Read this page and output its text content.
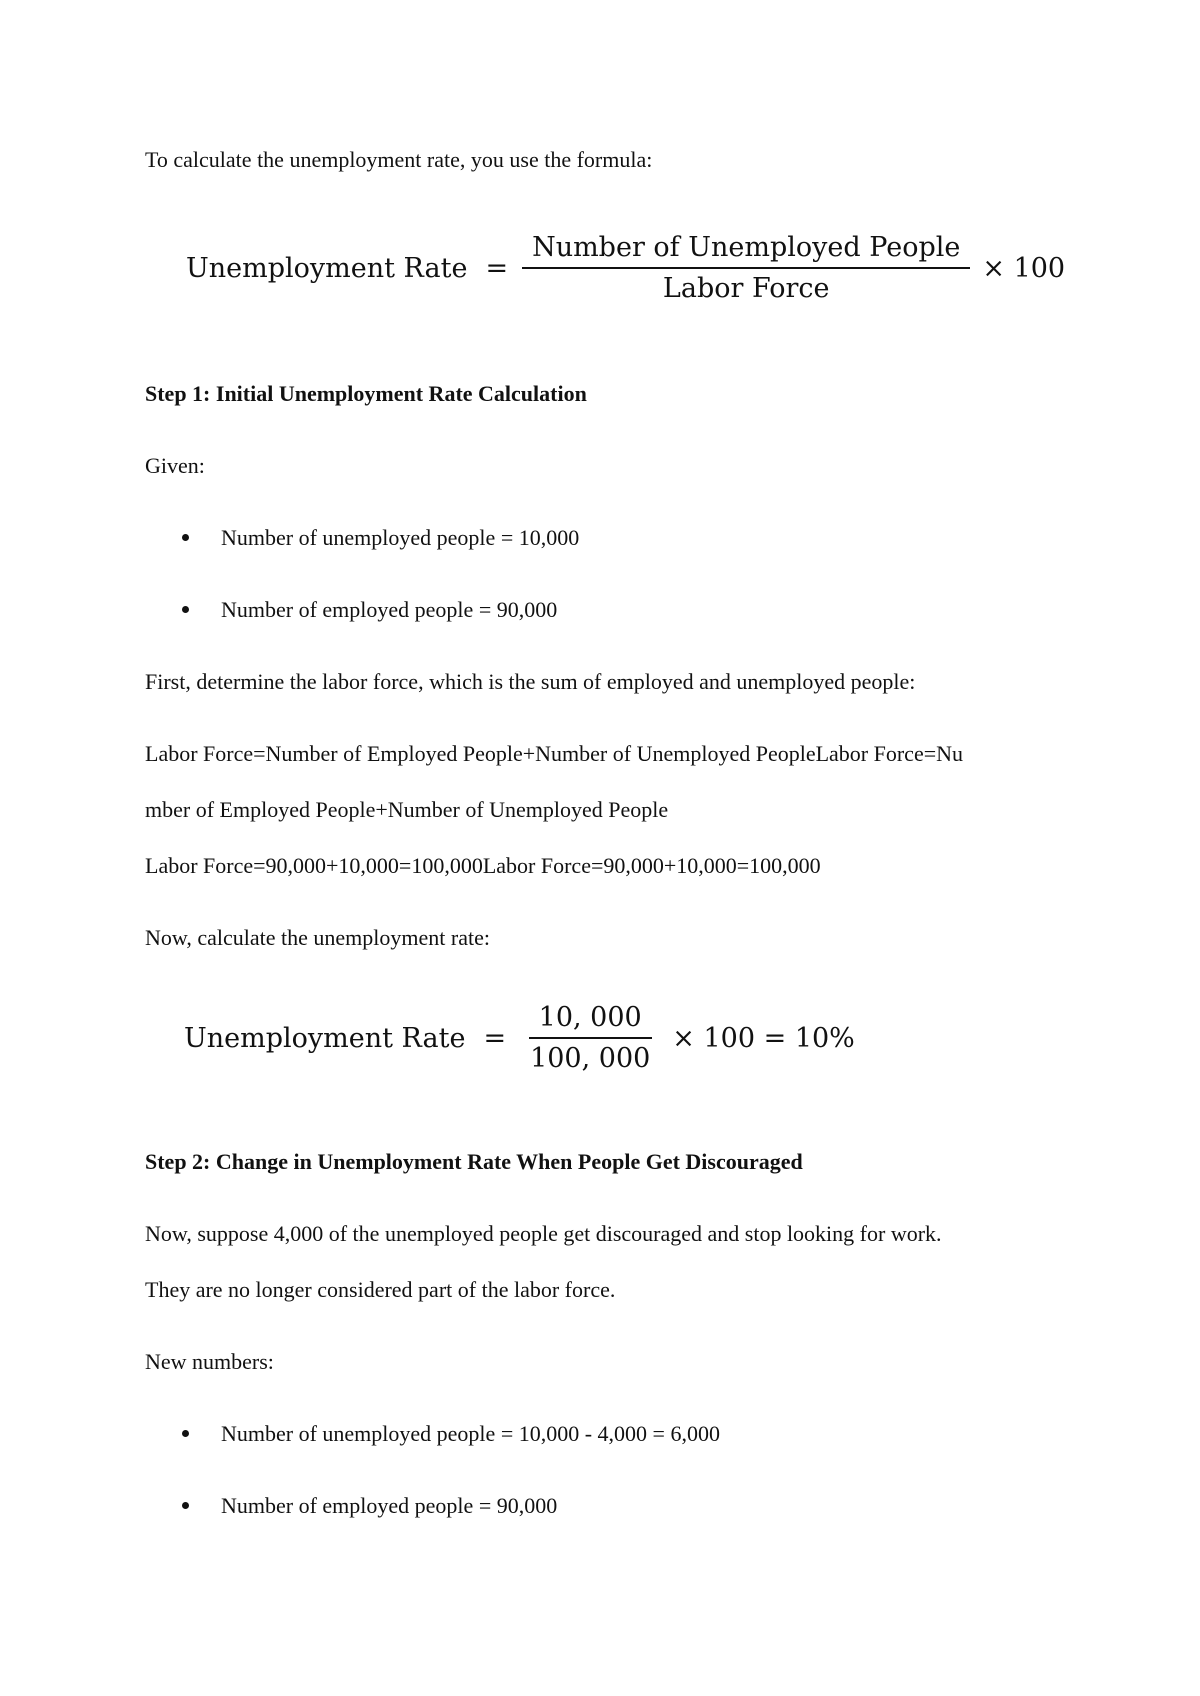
To calculate the unemployment rate, you use the formula:
Unemployment Rate = $\frac{\text{Number of Unemployed People}}{\text{Labor Force}} \times 100$
Step 1: Initial Unemployment Rate Calculation
Given:
Number of unemployed people = 10,000
Number of employed people = 90,000
First, determine the labor force, which is the sum of employed and unemployed people:
Labor Force=Number of Employed People+Number of Unemployed PeopleLabor Force=Nu
mber of Employed People+Number of Unemployed People
Labor Force=90,000+10,000=100,000Labor Force=90,000+10,000=100,000
Now, calculate the unemployment rate:
Unemployment Rate = $\frac{10, 000}{100, 000} \times 100 = 10\%$
Step 2: Change in Unemployment Rate When People Get Discouraged
Now, suppose 4,000 of the unemployed people get discouraged and stop looking for work.
They are no longer considered part of the labor force.
New numbers:
Number of unemployed people = 10,000 - 4,000 = 6,000
Number of employed people = 90,000
